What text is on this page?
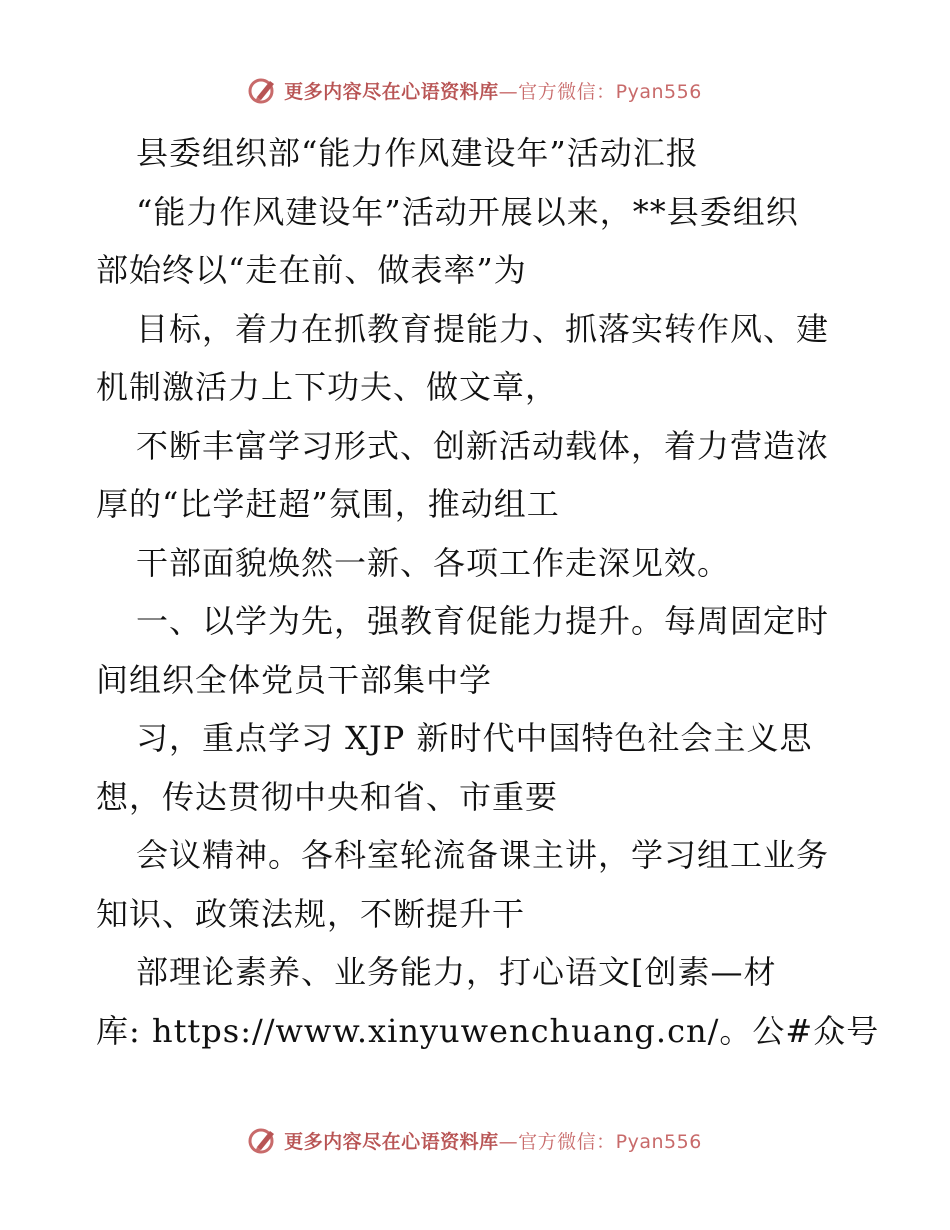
更多内容尽在心语资料库—官方微信：Pyan556
县委组织部“能力作风建设年”活动汇报
“能力作风建设年”活动开展以来，**县委组织
部始终以“走在前、做表率”为
目标，着力在抓教育提能力、抓落实转作风、建
机制激活力上下功夫、做文章，
不断丰富学习形式、创新活动载体，着力营造浓
厚的“比学赶超”氛围，推动组工
干部面貌焕然一新、各项工作走深见效。
一、以学为先，强教育促能力提升。每周固定时
间组织全体党员干部集中学
习，重点学习 XJP 新时代中国特色社会主义思
想，传达贯彻中央和省、市重要
会议精神。各科室轮流备课主讲，学习组工业务
知识、政策法规，不断提升干
部理论素养、业务能力，打心语文[创素—材
库: https://www.xinyuwenchuang.cn/。公#众号
更多内容尽在心语资料库—官方微信：Pyan556
